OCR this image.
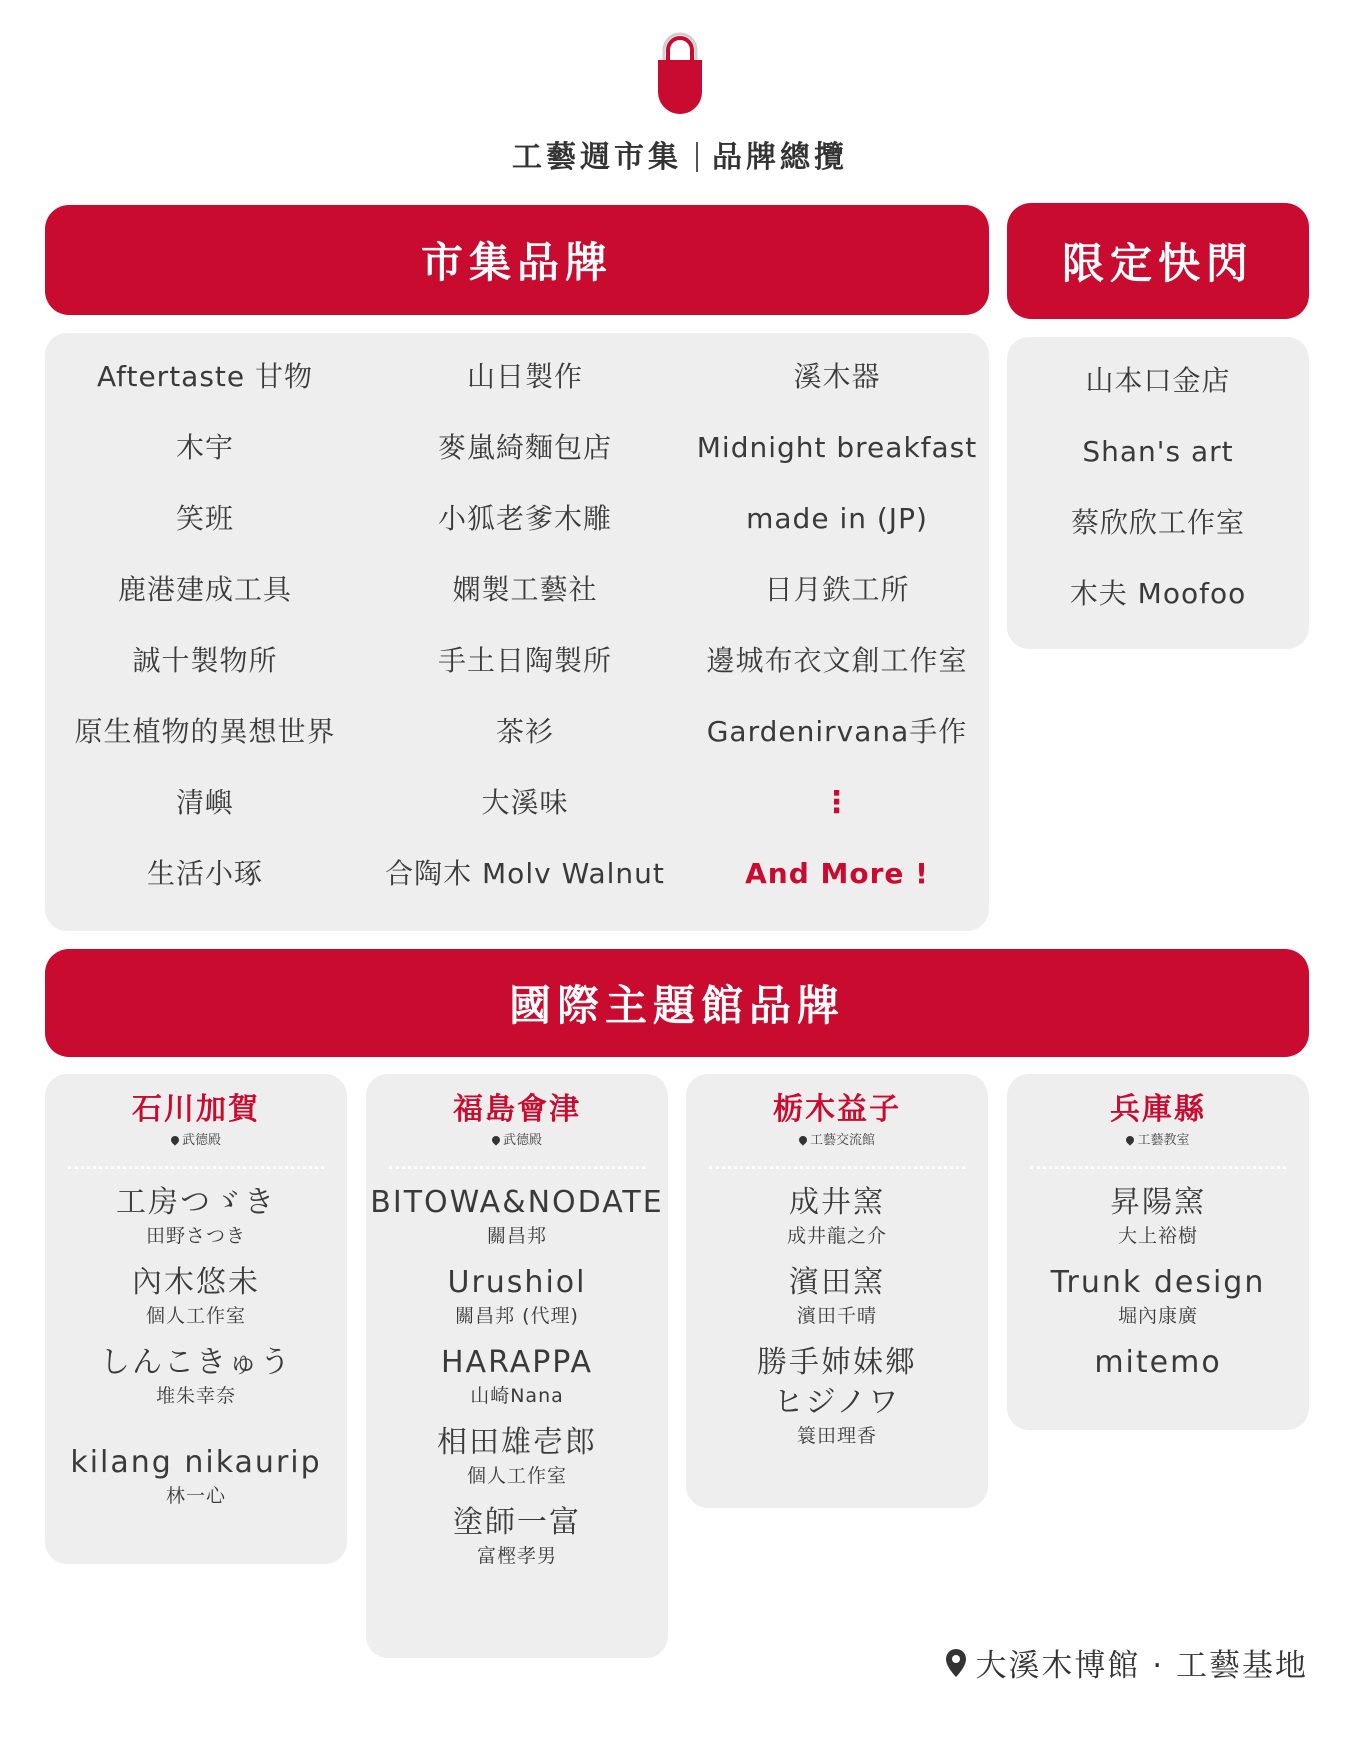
工藝週市集 品牌總攬
市集品牌
Aftertaste 甘物	山日製作	溪木器
木宇	麥嵐綺麵包店	Midnight breakfast
笑班	小狐老爹木雕	made in (JP)
鹿港建成工具	嫻製工藝社	日月鉄工所
誠十製物所	手土日陶製所	邊城布衣文創工作室
原生植物的異想世界	茶衫	Gardenirvana手作
清嶼	大溪味	⋮
生活小琢	合陶木 Molv Walnut	And More !
限定快閃
山本口金店
Shan's art
蔡欣欣工作室
木夫 Moofoo
國際主題館品牌
石川加賀
武德殿
工房つゞき
田野さつき
內木悠未
個人工作室
しんこきゅう
堆朱幸奈
kilang nikaurip
林一心
福島會津
武德殿
BITOWA&NODATE
關昌邦
Urushiol
關昌邦 (代理)
HARAPPA
山崎Nana
相田雄壱郎
個人工作室
塗師一富
富樫孝男
栃木益子
工藝交流館
成井窯
成井龍之介
濱田窯
濱田千晴
勝手姉妹郷
ヒジノワ
簑田理香
兵庫縣
工藝教室
昇陽窯
大上裕樹
Trunk design
堀內康廣
mitemo
大溪木博館 · 工藝基地
